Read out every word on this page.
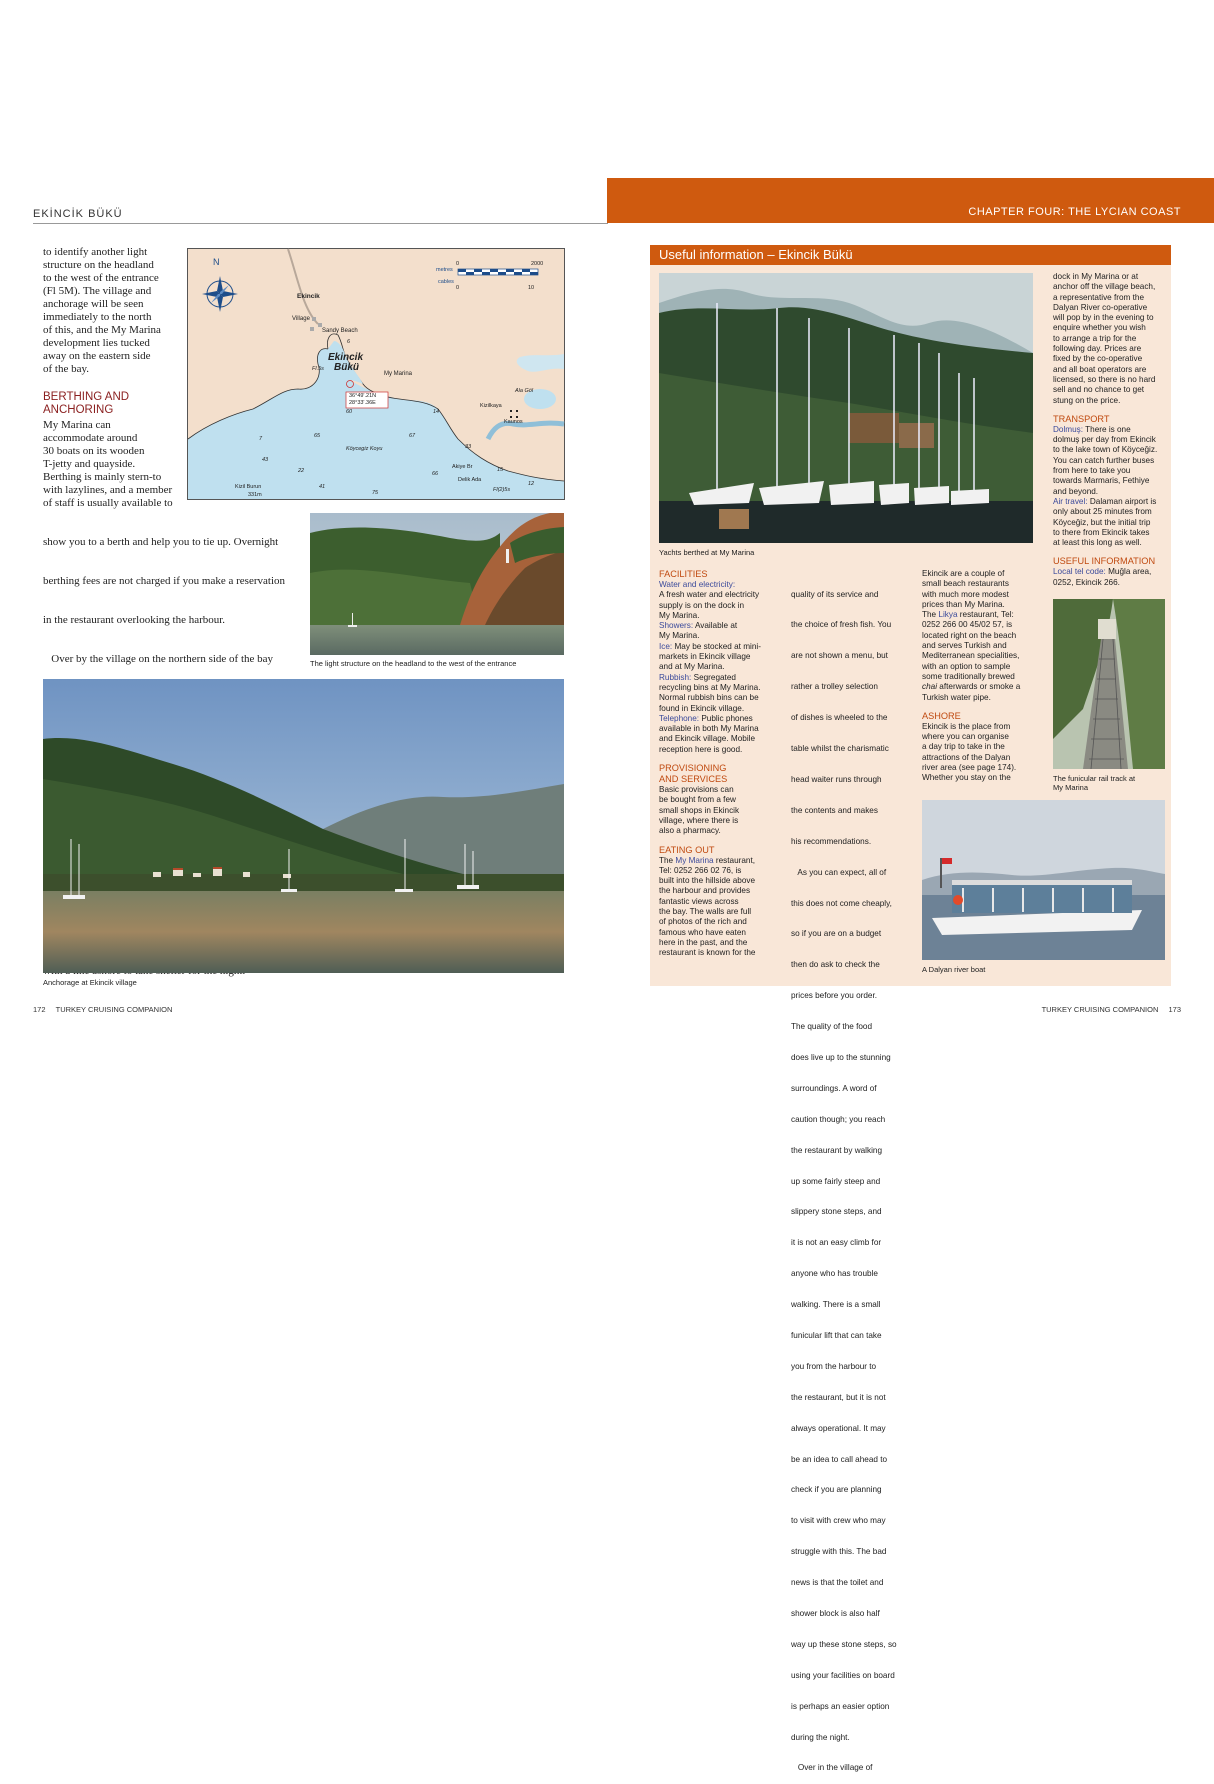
EKİNCİK BÜKÜ
to identify another light
structure on the headland
to the west of the entrance
(Fl 5M). The village and
anchorage will be seen
immediately to the north
of this, and the My Marina
development lies tucked
away on the eastern side
of the bay.
BERTHING AND
ANCHORING
My Marina can
accommodate around
30 boats on its wooden
T-jetty and quayside.
Berthing is mainly stern-to
with lazylines, and a member
of staff is usually available to

show you to a berth and help you to tie up. Overnight

berthing fees are not charged if you make a reservation

in the restaurant overlooking the harbour.

Over by the village on the northern side of the bay

N
metres
cables
0	2000
0	10
Ekincik
Village
Sandy Beach
Ekincik
Bükü
My Marina
Fl.5s
36°49'.21N
28°33'.36E
Ala Göl
Kizilkaya
Kaunos
Köycegiz Koyu
Akiye Br
Delik Ada
Fl(2)5s
Kizil Burun
331m
6
60	14
65	67
7
33
43
22	66
41
75
15
12
The light structure on the headland to the west of the entrance
Anchorage at Ekincik village
172 TURKEY CRUISING COMPANION
CHAPTER FOUR: THE LYCIAN COAST
Useful information – Ekincik Bükü
Yachts berthed at My Marina
FACILITIES
Water and electricity:
A fresh water and electricity
supply is on the dock in
My Marina.
Showers: Available at
My Marina.
Ice: May be stocked at mini-
markets in Ekincik village
and at My Marina.
Rubbish: Segregated
recycling bins at My Marina.
Normal rubbish bins can be
found in Ekincik village.
Telephone: Public phones
available in both My Marina
and Ekincik village. Mobile
reception here is good.
PROVISIONING
AND SERVICES
Basic provisions can
be bought from a few
small shops in Ekincik
village, where there is
also a pharmacy.
EATING OUT
The My Marina restaurant,
Tel: 0252 266 02 76, is
built into the hillside above
the harbour and provides
fantastic views across
the bay. The walls are full
of photos of the rich and
famous who have eaten
here in the past, and the
restaurant is known for the

quality of its service and

the choice of fresh fish. You

are not shown a menu, but

rather a trolley selection

of dishes is wheeled to the

table whilst the charismatic

head waiter runs through

the contents and makes

his recommendations.

As you can expect, all of

this does not come cheaply,

so if you are on a budget

then do ask to check the

prices before you order.

The quality of the food

does live up to the stunning

surroundings. A word of

caution though; you reach

the restaurant by walking

up some fairly steep and

slippery stone steps, and

it is not an easy climb for

anyone who has trouble

walking. There is a small

funicular lift that can take

you from the harbour to

the restaurant, but it is not

always operational. It may

be an idea to call ahead to

check if you are planning

to visit with crew who may

struggle with this. The bad

news is that the toilet and

shower block is also half

way up these stone steps, so

using your facilities on board

is perhaps an easier option

during the night.

Over in the village of

Ekincik are a couple of
small beach restaurants
with much more modest
prices than My Marina.
The Likya restaurant, Tel:
0252 266 00 45/02 57, is
located right on the beach
and serves Turkish and
Mediterranean specialities,
with an option to sample
some traditionally brewed
chai afterwards or smoke a
Turkish water pipe.
ASHORE
Ekincik is the place from
where you can organise
a day trip to take in the
attractions of the Dalyan
river area (see page 174).
Whether you stay on the
dock in My Marina or at
anchor off the village beach,
a representative from the
Dalyan River co-operative
will pop by in the evening to
enquire whether you wish
to arrange a trip for the
following day. Prices are
fixed by the co-operative
and all boat operators are
licensed, so there is no hard
sell and no chance to get
stung on the price.
TRANSPORT
Dolmuş: There is one
dolmuş per day from Ekincik
to the lake town of Köyceğiz.
You can catch further buses
from here to take you
towards Marmaris, Fethiye
and beyond.
Air travel: Dalaman airport is
only about 25 minutes from
Köyceğiz, but the initial trip
to there from Ekincik takes
at least this long as well.
USEFUL INFORMATION
Local tel code: Muğla area,
0252, Ekincik 266.
The funicular rail track at
My Marina
A Dalyan river boat
TURKEY CRUISING COMPANION 173
